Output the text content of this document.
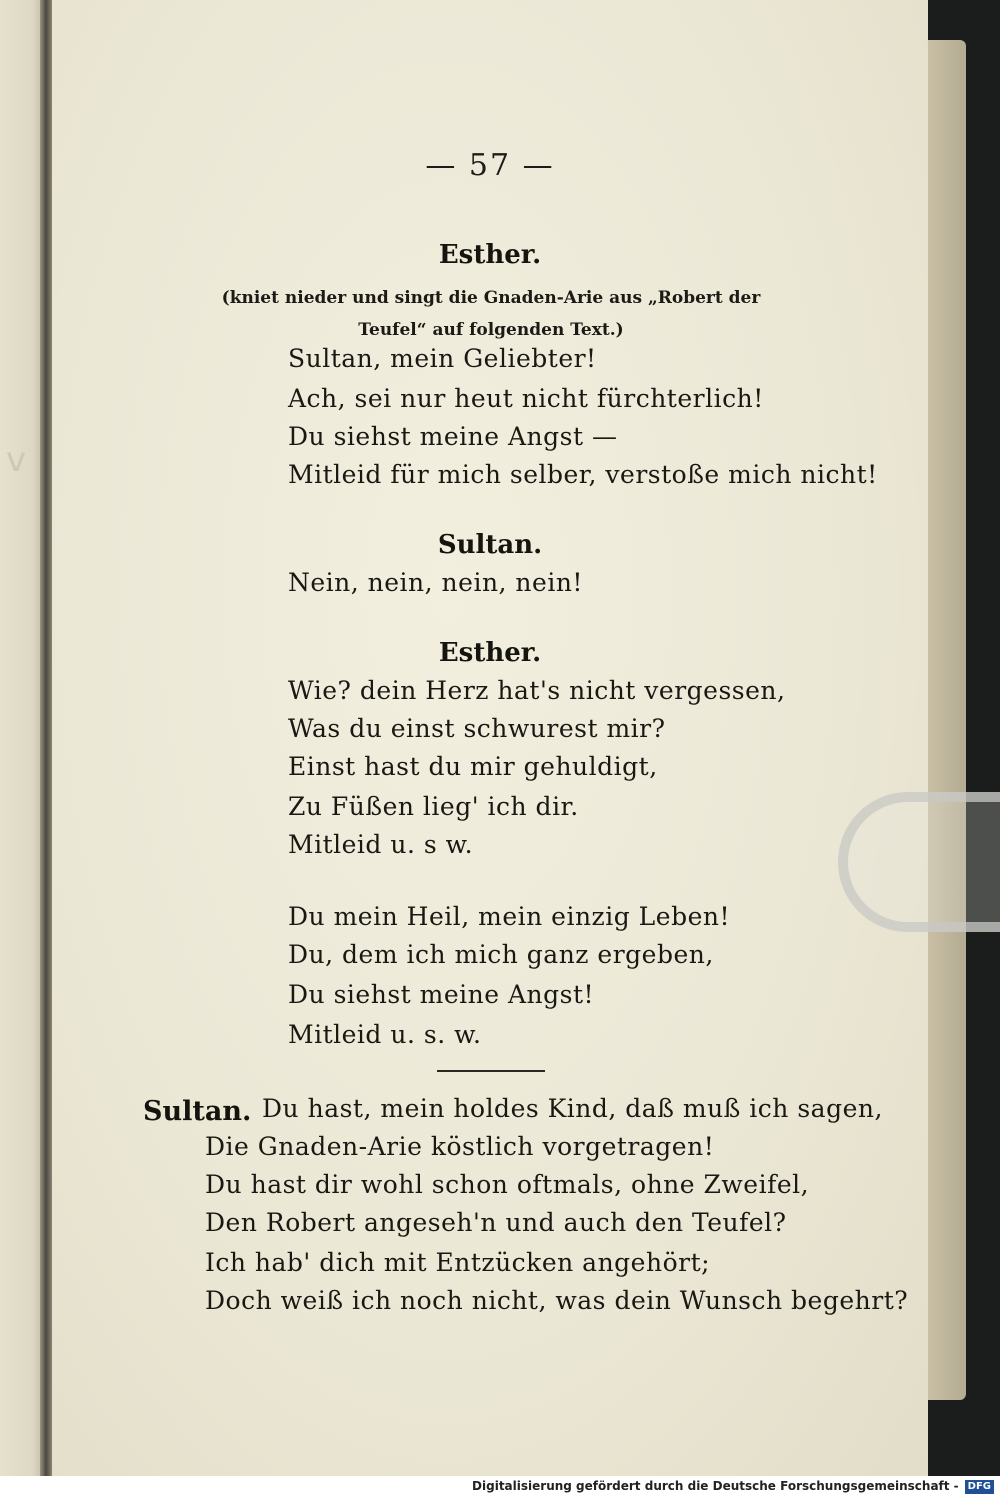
ⅴ
— 57 —
Esther.
(kniet nieder und singt die Gnaden-Arie aus „Robert der Teufel“ auf folgenden Text.)
Sultan, mein Geliebter!
Ach, sei nur heut nicht fürchterlich!
Du siehst meine Angst —
Mitleid für mich selber, verstoße mich nicht!
Sultan.
Nein, nein, nein, nein!
Esther.
Wie? dein Herz hat's nicht vergessen,
Was du einst schwurest mir?
Einst hast du mir gehuldigt,
Zu Füßen lieg' ich dir.
Mitleid u. s w.
Du mein Heil, mein einzig Leben!
Du, dem ich mich ganz ergeben,
Du siehst meine Angst!
Mitleid u. s. w.
Sultan. Du hast, mein holdes Kind, daß muß ich sagen,
Die Gnaden-Arie köstlich vorgetragen!
Du hast dir wohl schon oftmals, ohne Zweifel,
Den Robert angeseh'n und auch den Teufel?
Ich hab' dich mit Entzücken angehört;
Doch weiß ich noch nicht, was dein Wunsch begehrt?
Digitalisierung gefördert durch die Deutsche Forschungsgemeinschaft - DFG
